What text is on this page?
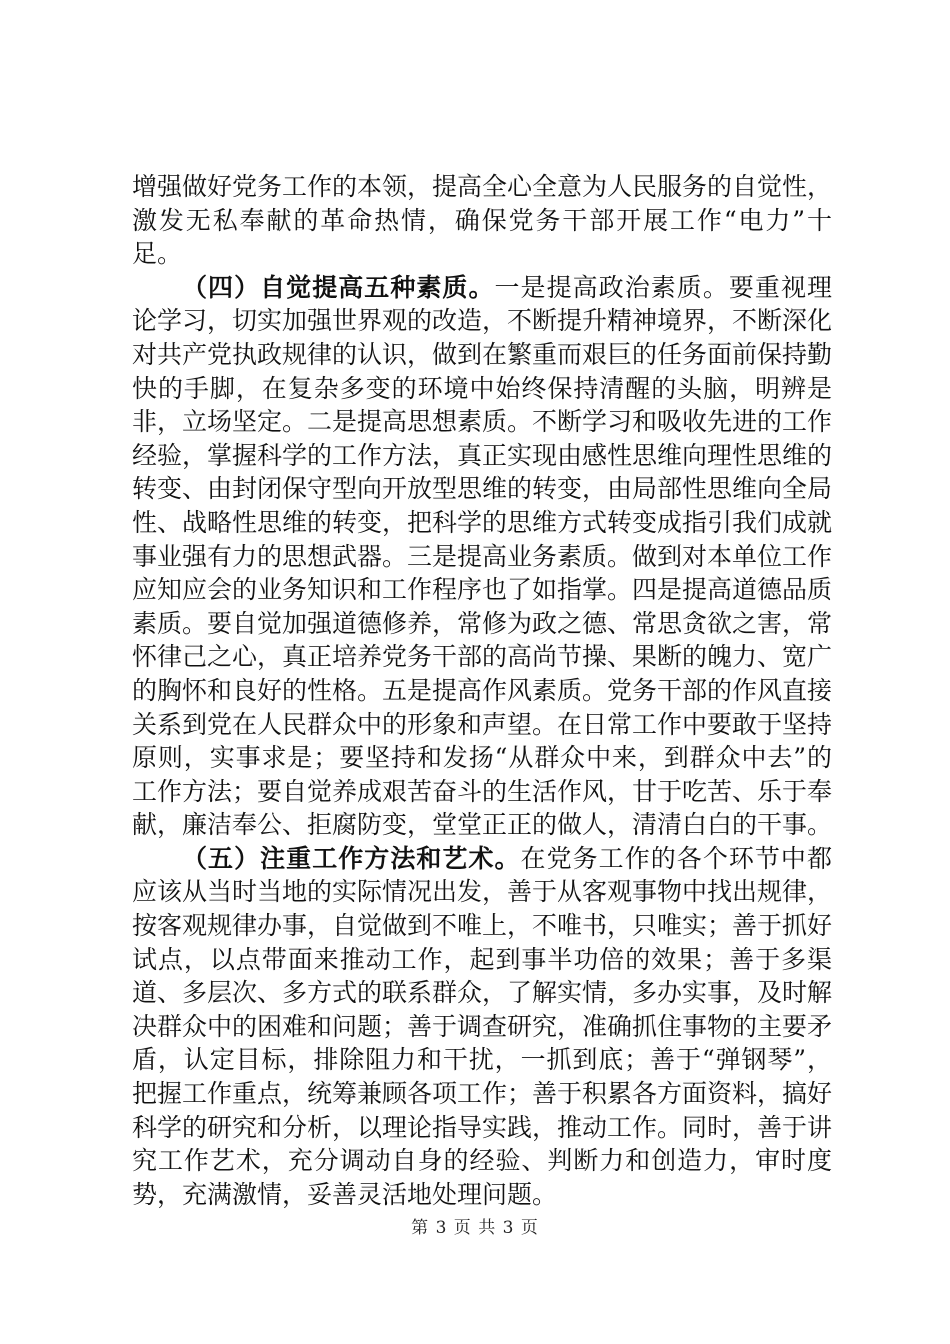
增强做好党务工作的本领，提高全心全意为人民服务的自觉性，激发无私奉献的革命热情，确保党务干部开展工作“电力”十足。

（四）自觉提高五种素质。一是提高政治素质。要重视理论学习，切实加强世界观的改造，不断提升精神境界，不断深化对共产党执政规律的认识，做到在繁重而艰巨的任务面前保持勤快的手脚，在复杂多变的环境中始终保持清醒的头脑，明辨是非，立场坚定。二是提高思想素质。不断学习和吸收先进的工作经验，掌握科学的工作方法，真正实现由感性思维向理性思维的转变、由封闭保守型向开放型思维的转变，由局部性思维向全局性、战略性思维的转变，把科学的思维方式转变成指引我们成就事业强有力的思想武器。三是提高业务素质。做到对本单位工作应知应会的业务知识和工作程序也了如指掌。四是提高道德品质素质。要自觉加强道德修养，常修为政之德、常思贪欲之害，常怀律己之心，真正培养党务干部的高尚节操、果断的魄力、宽广的胸怀和良好的性格。五是提高作风素质。党务干部的作风直接关系到党在人民群众中的形象和声望。在日常工作中要敢于坚持原则，实事求是；要坚持和发扬“从群众中来，到群众中去”的工作方法；要自觉养成艰苦奋斗的生活作风，甘于吃苦、乐于奉献，廉洁奉公、拒腐防变，堂堂正正的做人，清清白白的干事。

（五）注重工作方法和艺术。在党务工作的各个环节中都应该从当时当地的实际情况出发，善于从客观事物中找出规律，按客观规律办事，自觉做到不唯上，不唯书，只唯实；善于抓好试点，以点带面来推动工作，起到事半功倍的效果；善于多渠道、多层次、多方式的联系群众，了解实情，多办实事，及时解决群众中的困难和问题；善于调查研究，准确抓住事物的主要矛盾，认定目标，排除阻力和干扰，一抓到底；善于“弹钢琴”，把握工作重点，统筹兼顾各项工作；善于积累各方面资料，搞好科学的研究和分析，以理论指导实践，推动工作。同时，善于讲究工作艺术，充分调动自身的经验、判断力和创造力，审时度势，充满激情，妥善灵活地处理问题。

第 3 页 共 3 页
